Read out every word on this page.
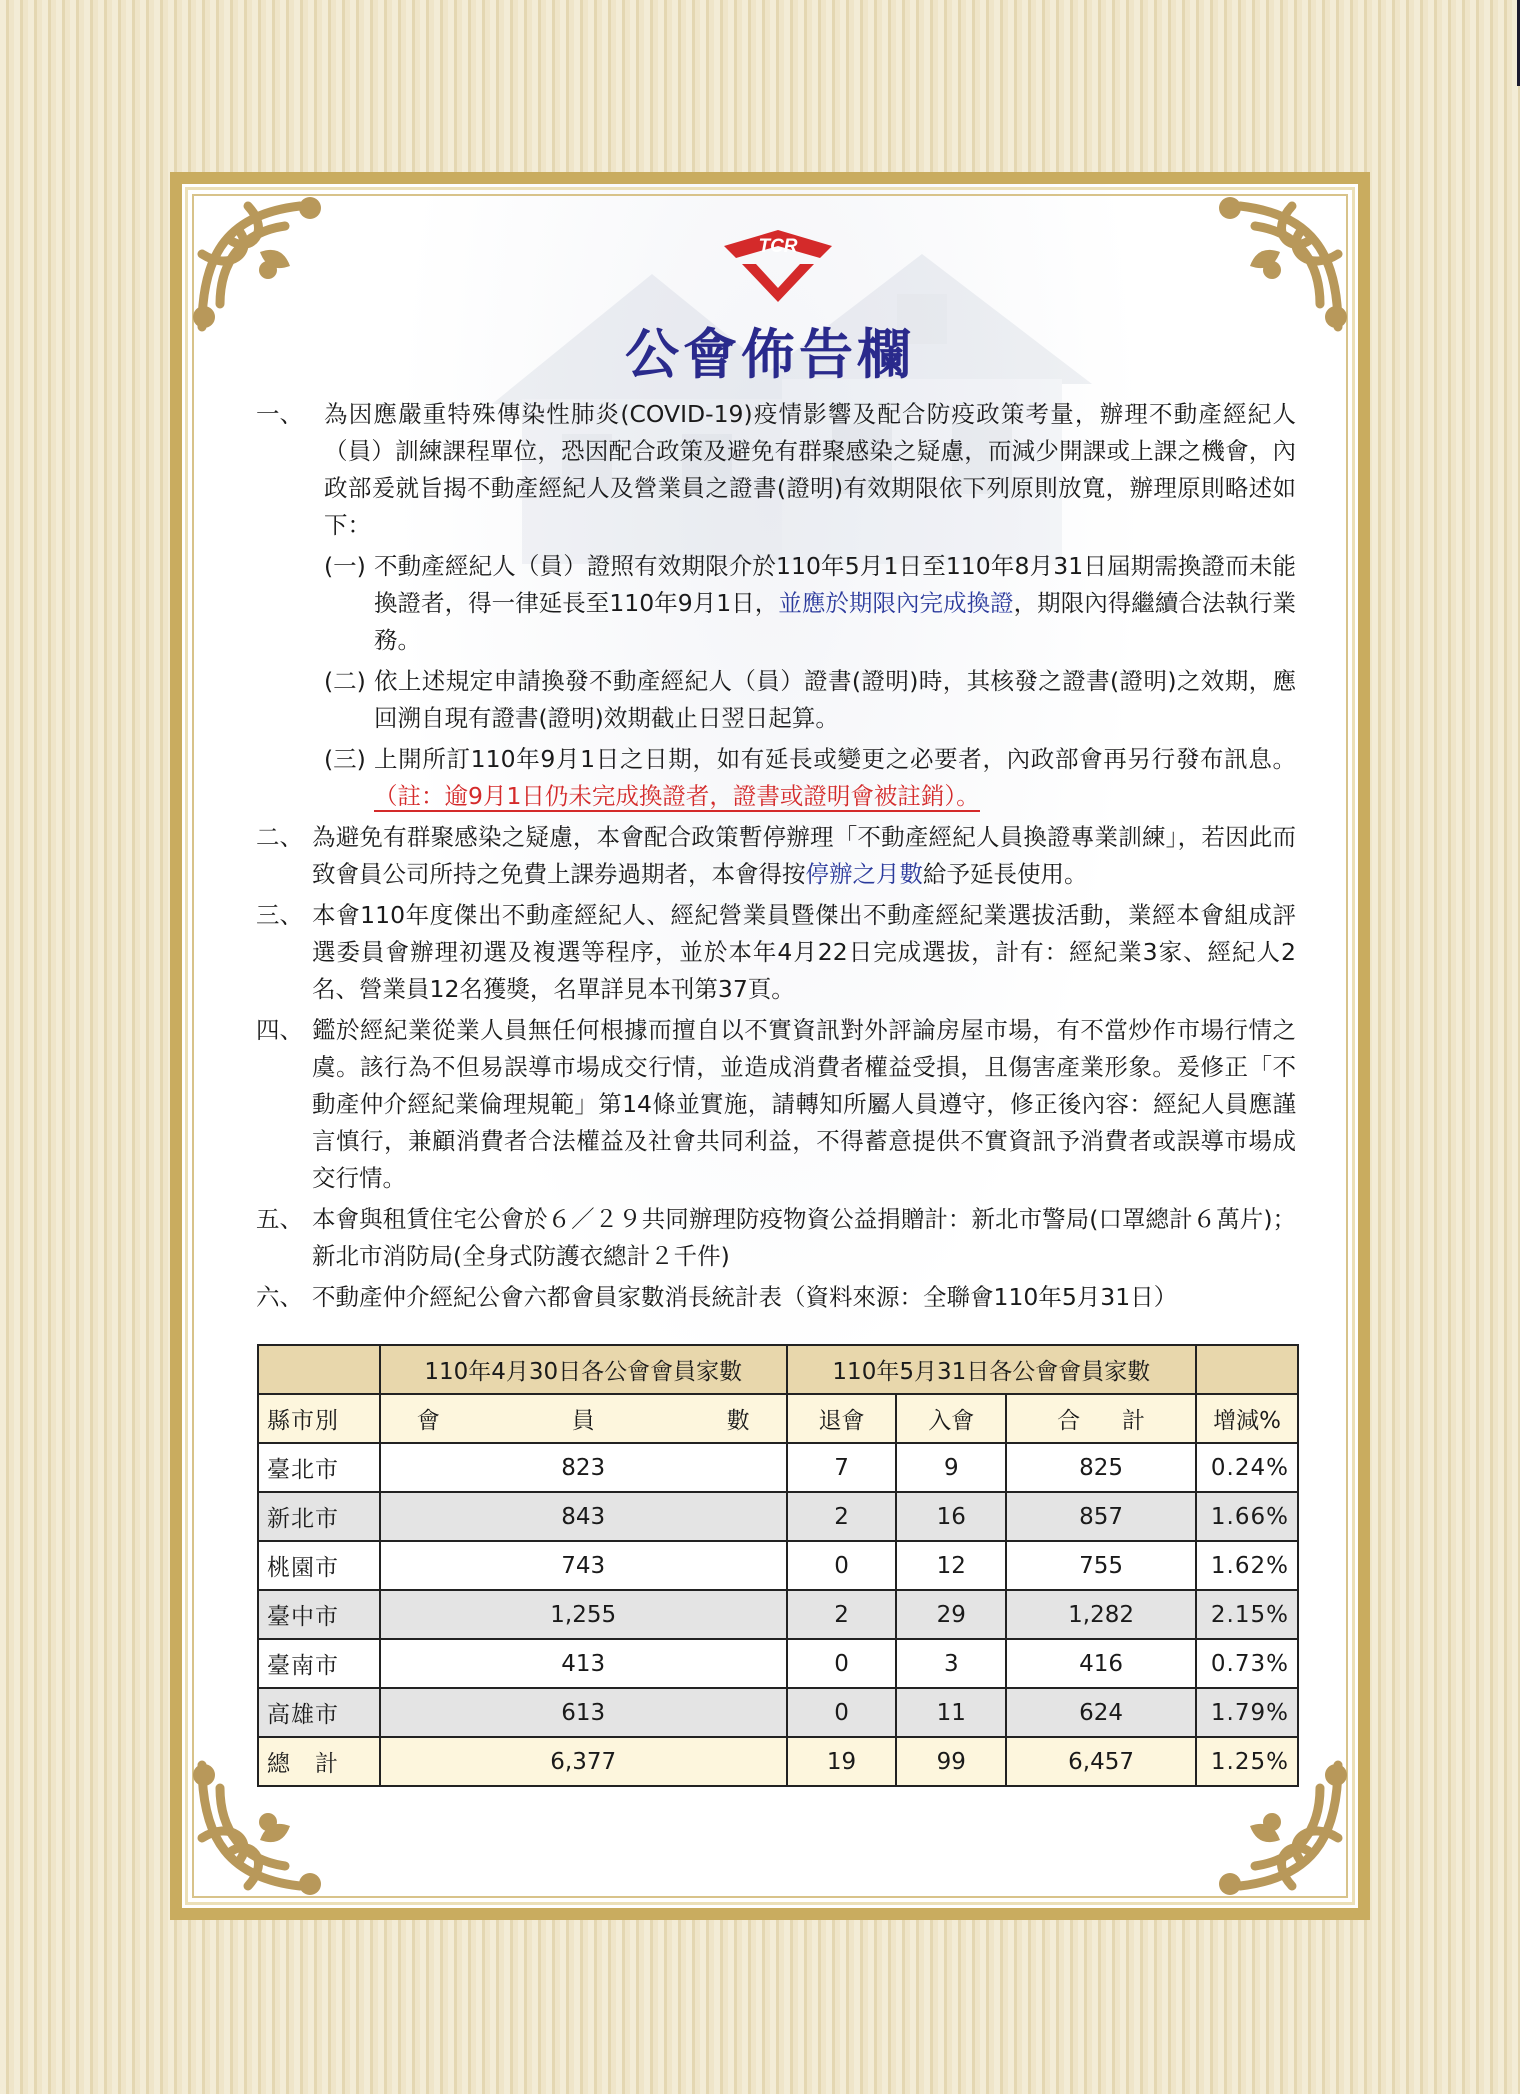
TCR
公會佈告欄
一、 為因應嚴重特殊傳染性肺炎(COVID-19)疫情影響及配合防疫政策考量，辦理不動產經紀人（員）訓練課程單位，恐因配合政策及避免有群聚感染之疑慮，而減少開課或上課之機會，內政部爰就旨揭不動產經紀人及營業員之證書(證明)有效期限依下列原則放寬，辦理原則略述如下：
(一) 不動產經紀人（員）證照有效期限介於110年5月1日至110年8月31日屆期需換證而未能換證者，得一律延長至110年9月1日，並應於期限內完成換證，期限內得繼續合法執行業務。
(二) 依上述規定申請換發不動產經紀人（員）證書(證明)時，其核發之證書(證明)之效期，應回溯自現有證書(證明)效期截止日翌日起算。
(三) 上開所訂110年9月1日之日期，如有延長或變更之必要者，內政部會再另行發布訊息。（註：逾9月1日仍未完成換證者，證書或證明會被註銷）。
二、 為避免有群聚感染之疑慮，本會配合政策暫停辦理「不動產經紀人員換證專業訓練」，若因此而致會員公司所持之免費上課券過期者，本會得按停辦之月數給予延長使用。
三、 本會110年度傑出不動產經紀人、經紀營業員暨傑出不動產經紀業選拔活動，業經本會組成評選委員會辦理初選及複選等程序，並於本年4月22日完成選拔，計有：經紀業3家、經紀人2名、營業員12名獲獎，名單詳見本刊第37頁。
四、 鑑於經紀業從業人員無任何根據而擅自以不實資訊對外評論房屋市場，有不當炒作市場行情之虞。該行為不但易誤導市場成交行情，並造成消費者權益受損，且傷害產業形象。爰修正「不動產仲介經紀業倫理規範」第14條並實施，請轉知所屬人員遵守，修正後內容：經紀人員應謹言慎行，兼顧消費者合法權益及社會共同利益，不得蓄意提供不實資訊予消費者或誤導市場成交行情。
五、 本會與租賃住宅公會於６／２９共同辦理防疫物資公益捐贈計：新北市警局(口罩總計６萬片)；新北市消防局(全身式防護衣總計２千件)
六、 不動產仲介經紀公會六都會員家數消長統計表（資料來源：全聯會110年5月31日）
	110年4月30日各公會會員家數	110年5月31日各公會會員家數			
縣市別	會 員 數	退會	入會	合 計	增減%
臺北市	823	7	9	825	0.24%
新北市	843	2	16	857	1.66%
桃園市	743	0	12	755	1.62%
臺中市	1,255	2	29	1,282	2.15%
臺南市	413	0	3	416	0.73%
高雄市	613	0	11	624	1.79%
總　計	6,377	19	99	6,457	1.25%
